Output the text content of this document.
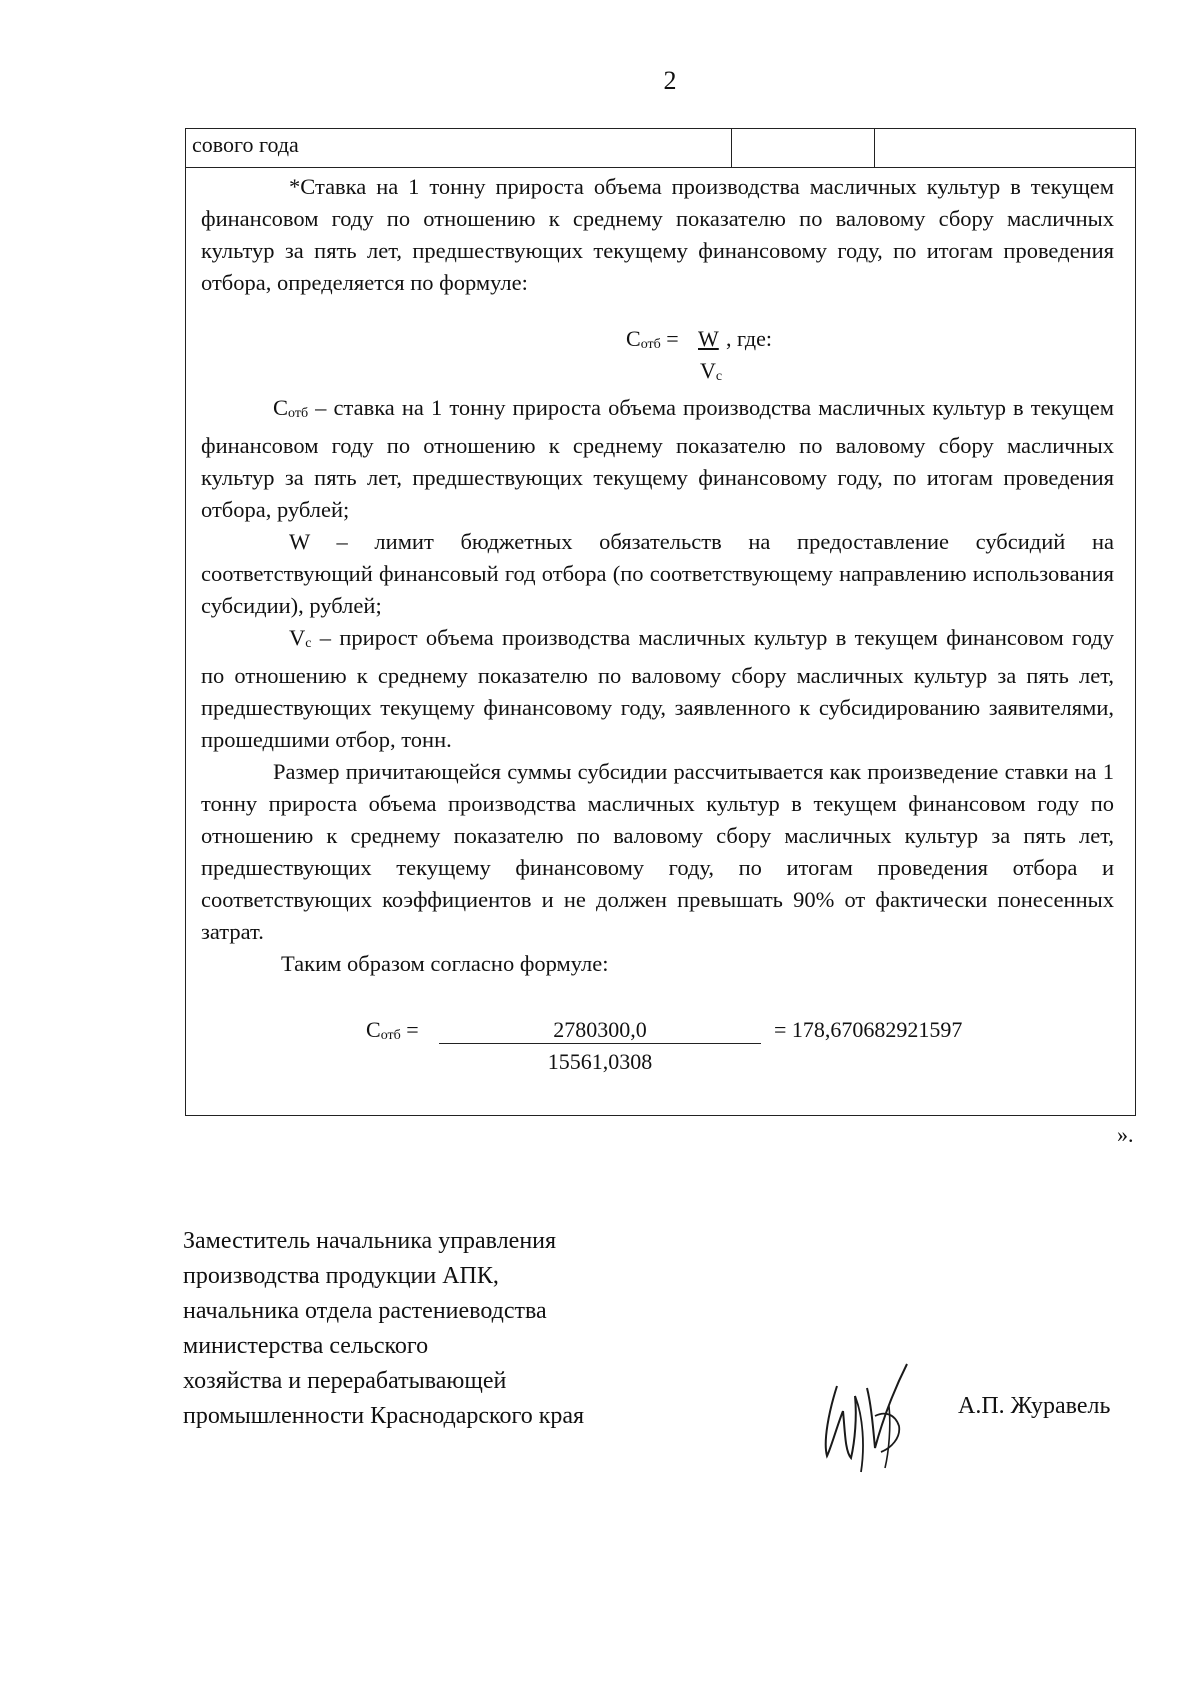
2
сового года

*Ставка на 1 тонну прироста объема производства масличных культур в текущем финансовом году по отношению к среднему показателю по валовому сбору масличных культур за пять лет, предшествующих текущему финансовому году, по итогам проведения отбора, определяется по формуле:

$С_{отб} = W$ , где:
$V_с$

$С_{отб}$ – ставка на 1 тонну прироста объема производства масличных культур в текущем финансовом году по отношению к среднему показателю по валовому сбору масличных культур за пять лет, предшествующих текущему финансовому году, по итогам проведения отбора, рублей;

W – лимит бюджетных обязательств на предоставление субсидий на соответствующий финансовый год отбора (по соответствующему направлению использования субсидии), рублей;

$V_с$ – прирост объема производства масличных культур в текущем финансовом году по отношению к среднему показателю по валовому сбору масличных культур за пять лет, предшествующих текущему финансовому году, заявленного к субсидированию заявителями, прошедшими отбор, тонн.

Размер причитающейся суммы субсидии рассчитывается как произведение ставки на 1 тонну прироста объема производства масличных культур в текущем финансовом году по отношению к среднему показателю по валовому сбору масличных культур за пять лет, предшествующих текущему финансовому году, по итогам проведения отбора и соответствующих коэффициентов и не должен превышать 90% от фактически понесенных затрат.

Таким образом согласно формуле:

$С_{отб}$ =	2780300,0
15561,0308
= 178,670682921597
».
Заместитель начальника управления
производства продукции АПК,
начальника отдела растениеводства
министерства сельского
хозяйства и перерабатывающей
промышленности Краснодарского края	А.П. Журавель
